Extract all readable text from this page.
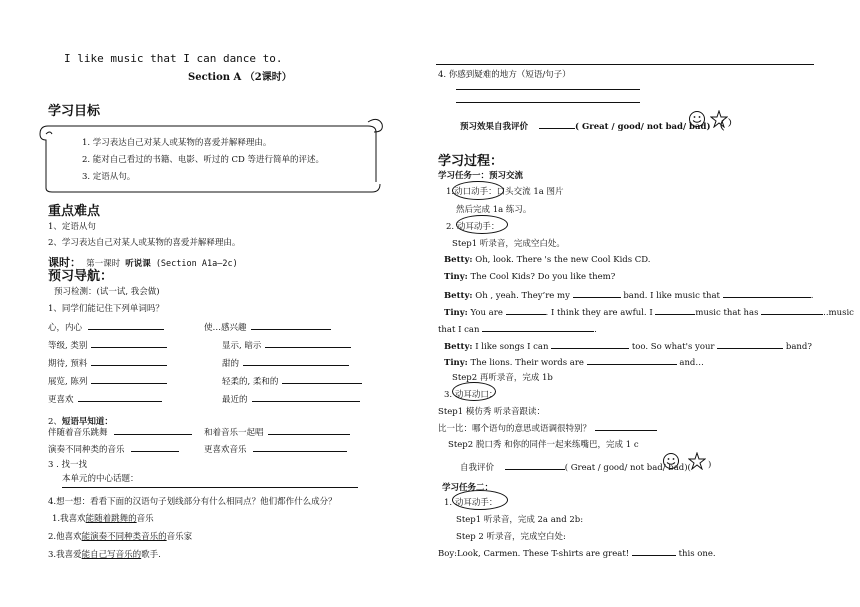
I like music that I can dance to.
Section A （2课时）
学习目标
1. 学习表达自己对某人或某物的喜爱并解释理由。
2. 能对自己看过的书籍、电影、听过的 CD 等进行简单的评述。
3. 定语从句。
重点难点
1、定语从句
2、学习表达自己对某人或某物的喜爱并解释理由。
课时： 第一课时 听说课 (Section A1a—2c)
预习导航：
预习检测：(试一试, 我会做)
1、同学们能记住下列单词吗？
心，内心	使…感兴趣
等级, 类别	显示, 暗示
期待, 预料	甜的
展览, 陈列	轻柔的, 柔和的
更喜欢	最近的
2、短语早知道：
伴随着音乐跳舞	和着音乐一起唱
演奏不同种类的音乐	更喜欢音乐
3 . 找一找
本单元的中心话题：
4.想一想：看看下面的汉语句子划线部分有什么相同点？他们都作什么成分？
1.我喜欢能随着跳舞的音乐
2.他喜欢能演奏不同种类音乐的音乐家
3.我喜爱能自己写音乐的歌手.
4. 你感到疑难的地方（短语/句子）
预习效果自我评价	( Great / good/ not bad/ bad) （ ）
学习过程：
学习任务一：预习交流
1.动口动手：口头交流 1a 图片
然后完成 1a 练习。
2. 动耳动手：
Step1 听录音，完成空白处。
Betty: Oh, look. There 's the new Cool Kids CD.
Tiny: The Cool Kids? Do you like them?
Betty: Oh , yeah. They’re my	band. I like music that	.
Tiny: You are	. I think they are awful. I	music that has	..music
that I can	.
Betty: I like songs I can	too. So what's your	band?
Tiny: The lions. Their words are	and…
Step2 再听录音，完成 1b
3. 动耳动口：
Step1 模仿秀 听录音跟读：
比一比：哪个语句的意思或语调很特别？
Step2 脱口秀 和你的同伴一起来练嘴巴，完成 1 c
自我评价	( Great / good/ not bad/ bad)( )
学习任务二：
1. 动耳动手：
Step1 听录音，完成 2a and 2b:
Step 2 听录音，完成空白处:
Boy:Look, Carmen. These T-shirts are great!	this one.
